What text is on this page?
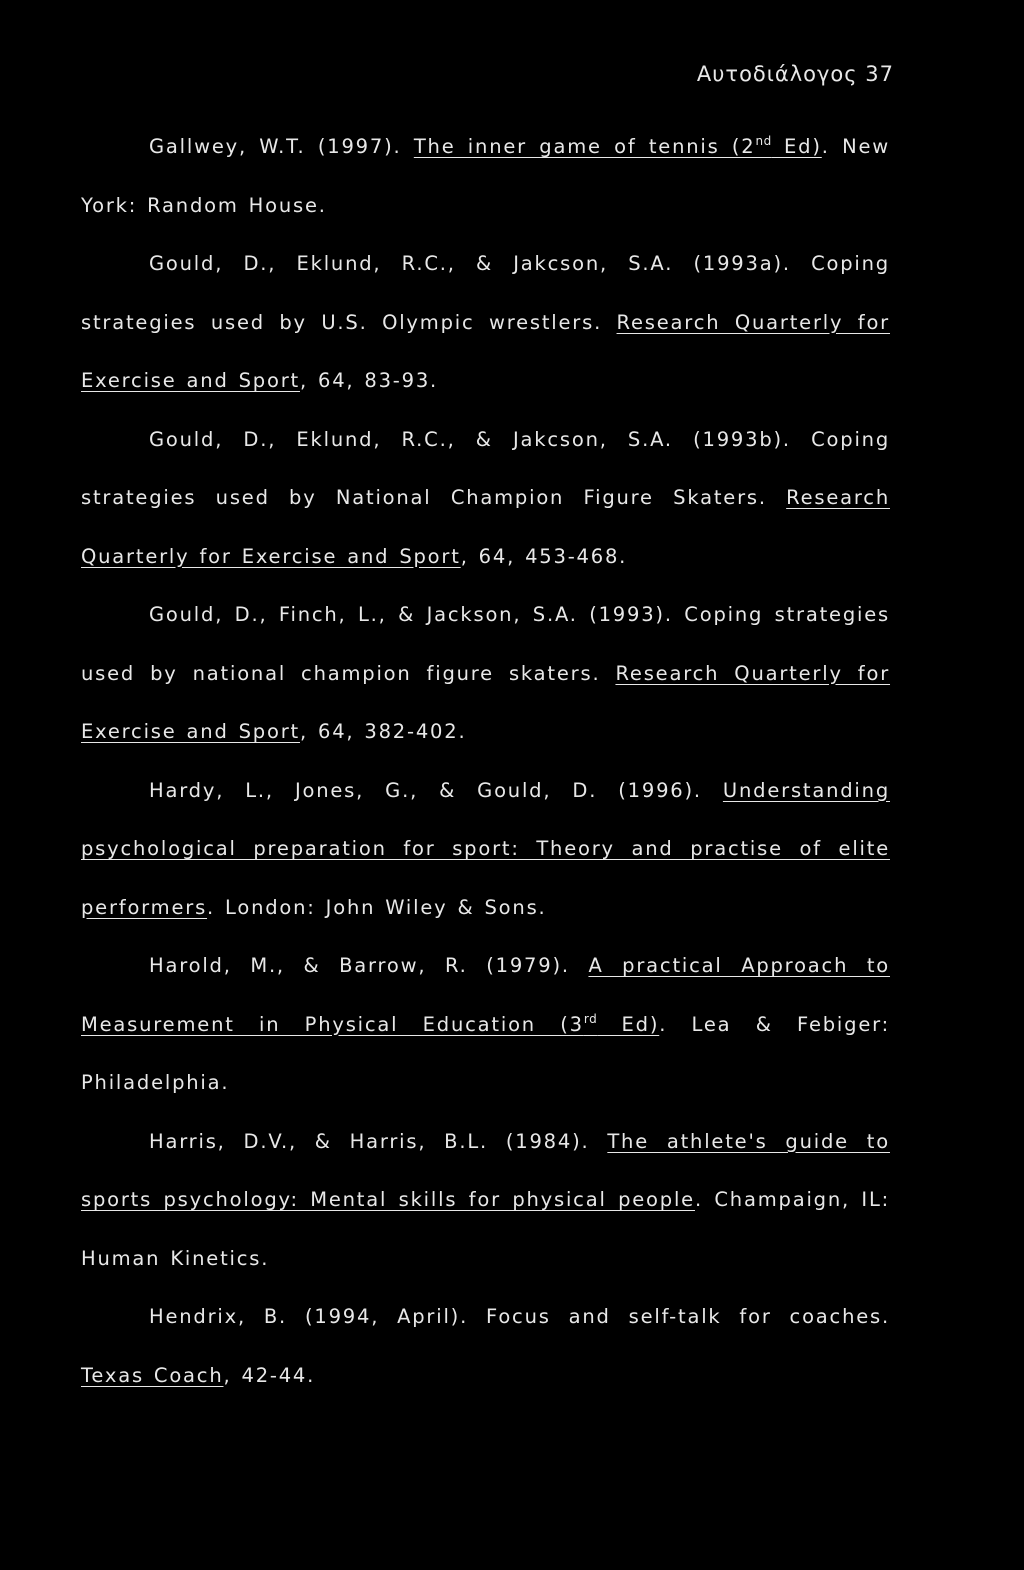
Αυτοδιάλογος 37

Gallwey, W.T. (1997). The inner game of tennis (2nd Ed). New York: Random House.

Gould, D., Eklund, R.C., & Jakcson, S.A. (1993a). Coping strategies used by U.S. Olympic wrestlers. Research Quarterly for Exercise and Sport, 64, 83-93.

Gould, D., Eklund, R.C., & Jakcson, S.A. (1993b). Coping strategies used by National Champion Figure Skaters. Research Quarterly for Exercise and Sport, 64, 453-468.

Gould, D., Finch, L., & Jackson, S.A. (1993). Coping strategies used by national champion figure skaters. Research Quarterly for Exercise and Sport, 64, 382-402.

Hardy, L., Jones, G., & Gould, D. (1996). Understanding psychological preparation for sport: Theory and practise of elite performers. London: John Wiley & Sons.

Harold, M., & Barrow, R. (1979). A practical Approach to Measurement in Physical Education (3rd Ed). Lea & Febiger: Philadelphia.

Harris, D.V., & Harris, B.L. (1984). The athlete's guide to sports psychology: Mental skills for physical people. Champaign, IL: Human Kinetics.

Hendrix, B. (1994, April). Focus and self-talk for coaches. Texas Coach, 42-44.
